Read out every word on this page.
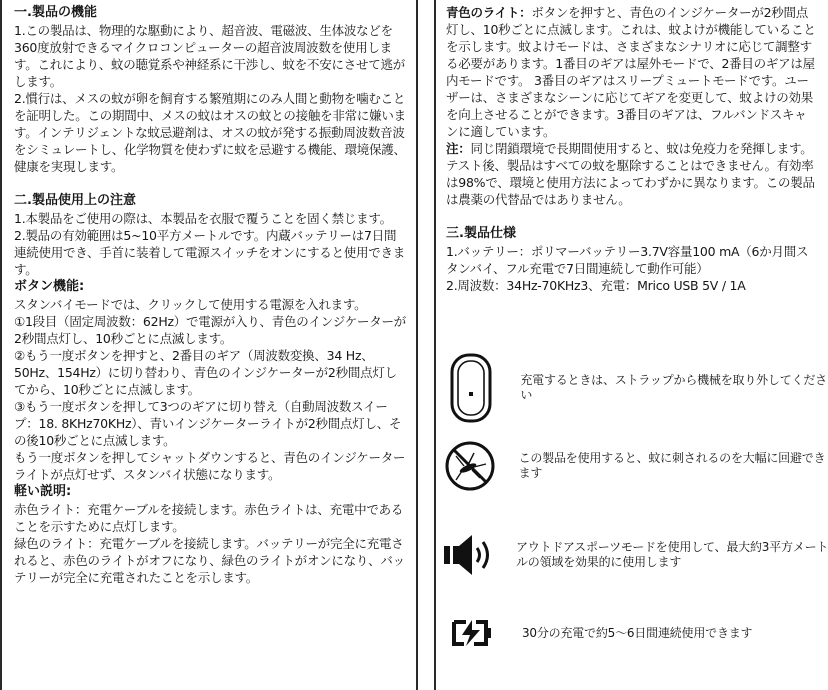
一.製品の機能

1.この製品は、物理的な駆動により、超音波、電磁波、生体波などを360度放射できるマイクロコンピューターの超音波周波数を使用します。これにより、蚊の聴覚系や神経系に干渉し、蚊を不安にさせて逃がします。

2.慣行は、メスの蚊が卵を飼育する繁殖期にのみ人間と動物を噛むことを証明した。この期間中、メスの蚊はオスの蚊との接触を非常に嫌います。インテリジェントな蚊忌避剤は、オスの蚊が発する振動周波数音波をシミュレートし、化学物質を使わずに蚊を忌避する機能、環境保護、健康を実現します。

二.製品使用上の注意

1.本製品をご使用の際は、本製品を衣服で覆うことを固く禁じます。

2.製品の有効範囲は5~10平方メートルです。内蔵バッテリーは7日間連続使用でき、手首に装着して電源スイッチをオンにすると使用できます。

ボタン機能:

スタンバイモードでは、クリックして使用する電源を入れます。

①1段目（固定周波数：62Hz）で電源が入り、青色のインジケーターが2秒間点灯し、10秒ごとに点滅します。

②もう一度ボタンを押すと、2番目のギア（周波数変換、34 Hz、50Hz、154Hz）に切り替わり、青色のインジケーターが2秒間点灯してから、10秒ごとに点滅します。

③もう一度ボタンを押して3つのギアに切り替え（自動周波数スイープ：18. 8KHz70KHz）、青いインジケーターライトが2秒間点灯し、その後10秒ごとに点滅します。

もう一度ボタンを押してシャットダウンすると、青色のインジケーターライトが点灯せず、スタンバイ状態になります。

軽い説明:

赤色ライト：充電ケーブルを接続します。赤色ライトは、充電中であることを示すために点灯します。

緑色のライト：充電ケーブルを接続します。バッテリーが完全に充電されると、赤色のライトがオフになり、緑色のライトがオンになり、バッテリーが完全に充電されたことを示します。

青色のライト：ボタンを押すと、青色のインジケーターが2秒間点灯し、10秒ごとに点滅します。これは、蚊よけが機能していることを示します。蚊よけモードは、さまざまなシナリオに応じて調整する必要があります。1番目のギアは屋外モードで、2番目のギアは屋内モードです。 3番目のギアはスリープミュートモードです。ユーザーは、さまざまなシーンに応じてギアを変更して、蚊よけの効果を向上させることができます。3番目のギアは、フルバンドスキャンに適しています。

注：同じ閉鎖環境で長期間使用すると、蚊は免疫力を発揮します。テスト後、製品はすべての蚊を駆除することはできません。有効率は98%で、環境と使用方法によってわずかに異なります。この製品は農薬の代替品ではありません。

三.製品仕様

1.バッテリー：ポリマーバッテリー3.7V容量100 mA（6か月間スタンバイ、フル充電で7日間連続して動作可能）

2.周波数：34Hz-70KHz3、充電：Mrico USB 5V / 1A

充電するときは、ストラップから機械を取り外してください
この製品を使用すると、蚊に刺されるのを大幅に回避できます
アウトドアスポーツモードを使用して、最大約3平方メートルの領域を効果的に使用します
30分の充電で約5～6日間連続使用できます
